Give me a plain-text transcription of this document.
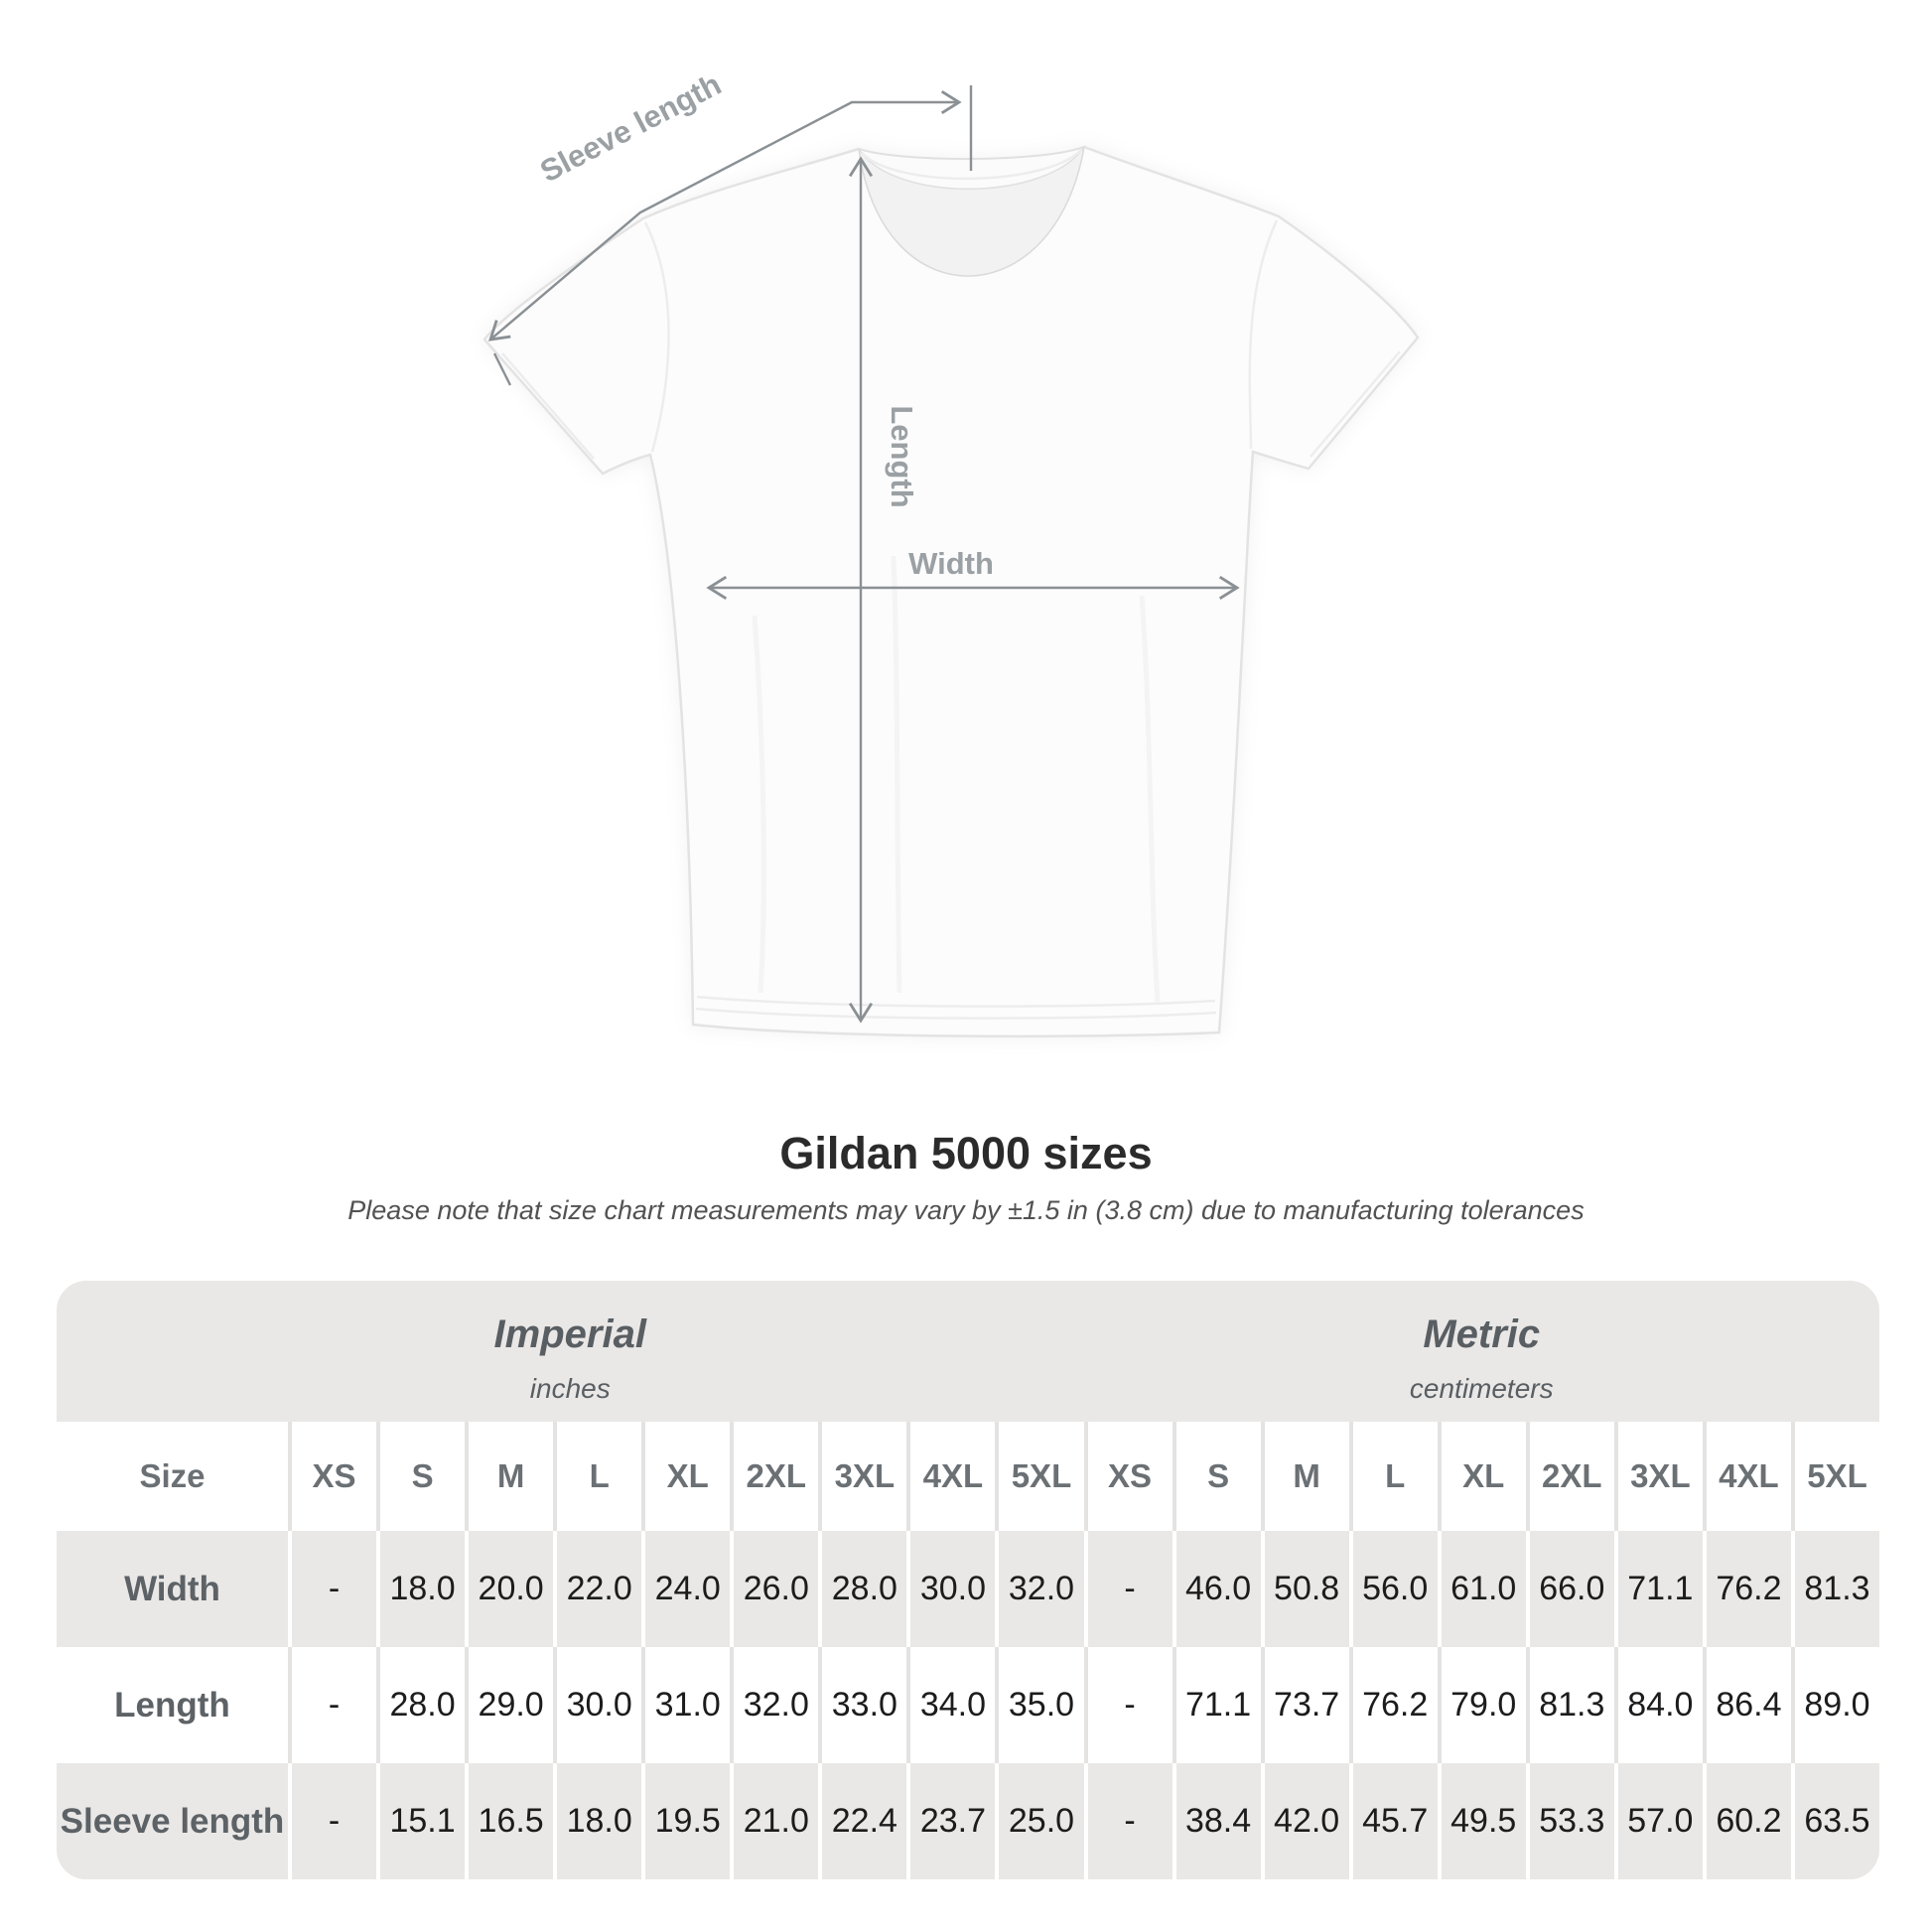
Sleeve length
Length
Width
Gildan 5000 sizes

Please note that size chart measurements may vary by ±1.5 in (3.8 cm) due to manufacturing tolerances

Imperial
inches
Metric
centimeters
Size	XS	S	M	L	XL	2XL 3XL 4XL 5XL	XS	S	M	L	XL	2XL 3XL 4XL 5XL
Width	-	18.0 20.0 22.0 24.0 26.0 28.0 30.0 32.0	-	46.0 50.8 56.0 61.0 66.0 71.1 76.2 81.3
Length	-	28.0 29.0 30.0 31.0 32.0 33.0 34.0 35.0	-	71.1 73.7 76.2 79.0 81.3 84.0 86.4 89.0
Sleeve length	-	15.1 16.5 18.0 19.5 21.0 22.4 23.7 25.0	-	38.4 42.0 45.7 49.5 53.3 57.0 60.2 63.5
